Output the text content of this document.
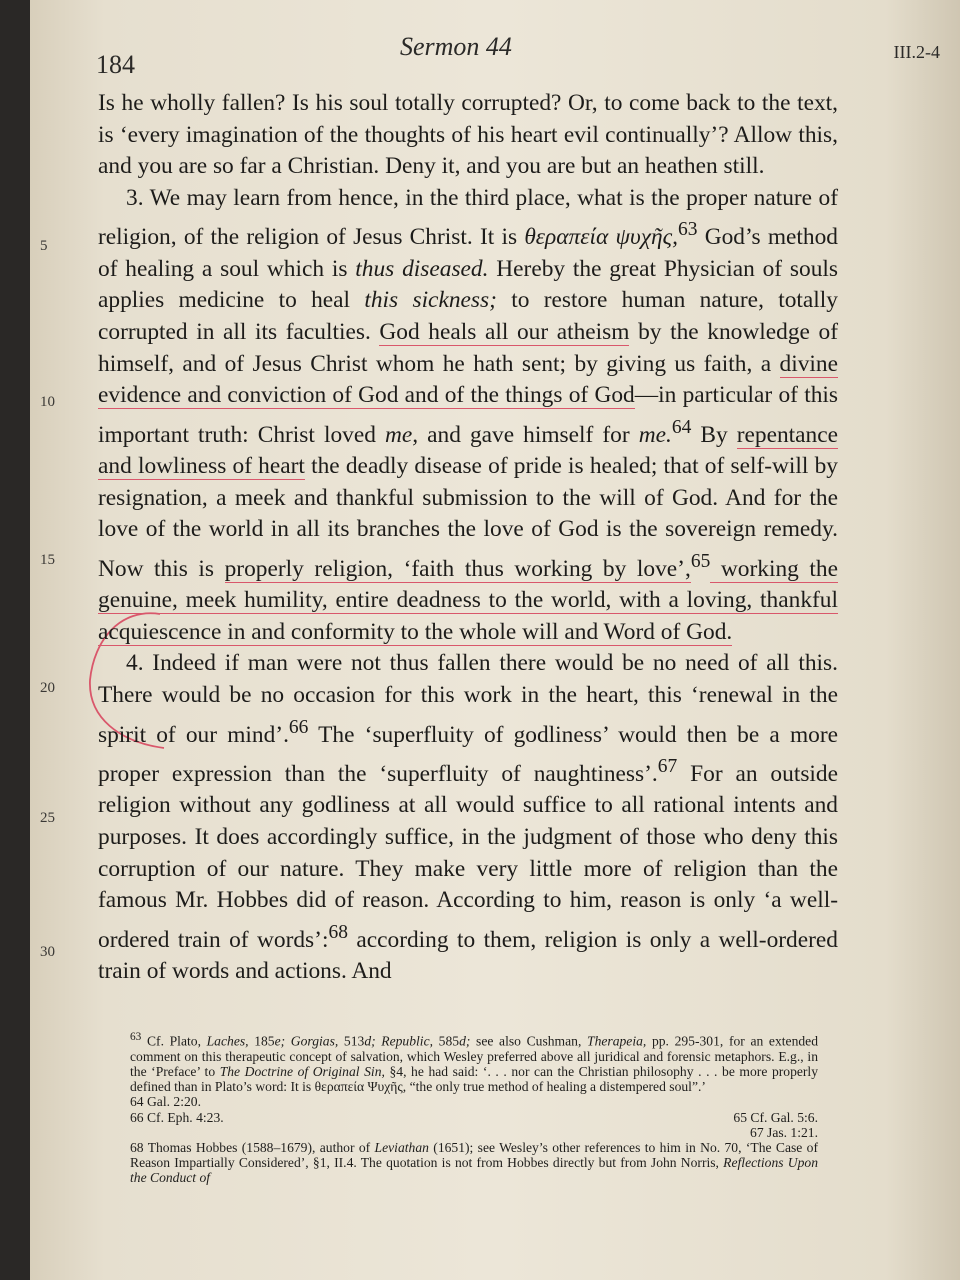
184
Sermon 44	III.2-4
5
10
15
20
25
30

Is he wholly fallen? Is his soul totally corrupted? Or, to come back to the text, is ‘every imagination of the thoughts of his heart evil continually’? Allow this, and you are so far a Christian. Deny it, and you are but an heathen still.

3. We may learn from hence, in the third place, what is the proper nature of religion, of the religion of Jesus Christ. It is θεραπεία ψυχῆς,$^{63}$ God’s method of healing a soul which is thus diseased. Hereby the great Physician of souls applies medicine to heal this sickness; to restore human nature, totally corrupted in all its faculties. God heals all our atheism by the knowledge of himself, and of Jesus Christ whom he hath sent; by giving us faith, a divine evidence and conviction of God and of the things of God—in particular of this important truth: Christ loved me, and gave himself for me.$^{64}$ By repentance and lowliness of heart the deadly disease of pride is healed; that of self-will by resignation, a meek and thankful submission to the will of God. And for the love of the world in all its branches the love of God is the sovereign remedy. Now this is properly religion, ‘faith thus working by love’,$^{65}$ working the genuine, meek humility, entire deadness to the world, with a loving, thankful acquiescence in and conformity to the whole will and Word of God.

4. Indeed if man were not thus fallen there would be no need of all this. There would be no occasion for this work in the heart, this ‘renewal in the spirit of our mind’.$^{66}$ The ‘superfluity of godliness’ would then be a more proper expression than the ‘superfluity of naughtiness’.$^{67}$ For an outside religion without any godliness at all would suffice to all rational intents and purposes. It does accordingly suffice, in the judgment of those who deny this corruption of our nature. They make very little more of religion than the famous Mr. Hobbes did of reason. According to him, reason is only ‘a well-ordered train of words’:$^{68}$ according to them, religion is only a well-ordered train of words and actions. And

$^{63}$ Cf. Plato, Laches, 185e; Gorgias, 513d; Republic, 585d; see also Cushman, Therapeia, pp. 295-301, for an extended comment on this therapeutic concept of salvation, which Wesley preferred above all juridical and forensic metaphors. E.g., in the ‘Preface’ to The Doctrine of Original Sin, §4, he had said: ‘. . . nor can the Christian philosophy . . . be more properly defined than in Plato’s word: It is θεραπεία Ψυχῆς, “the only true method of healing a distempered soul”.’

64 Gal. 2:20.
66 Cf. Eph. 4:23.	65 Cf. Gal. 5:6.
67 Jas. 1:21.

68 Thomas Hobbes (1588–1679), author of Leviathan (1651); see Wesley’s other references to him in No. 70, ‘The Case of Reason Impartially Considered’, §1, II.4. The quotation is not from Hobbes directly but from John Norris, Reflections Upon the Conduct of
